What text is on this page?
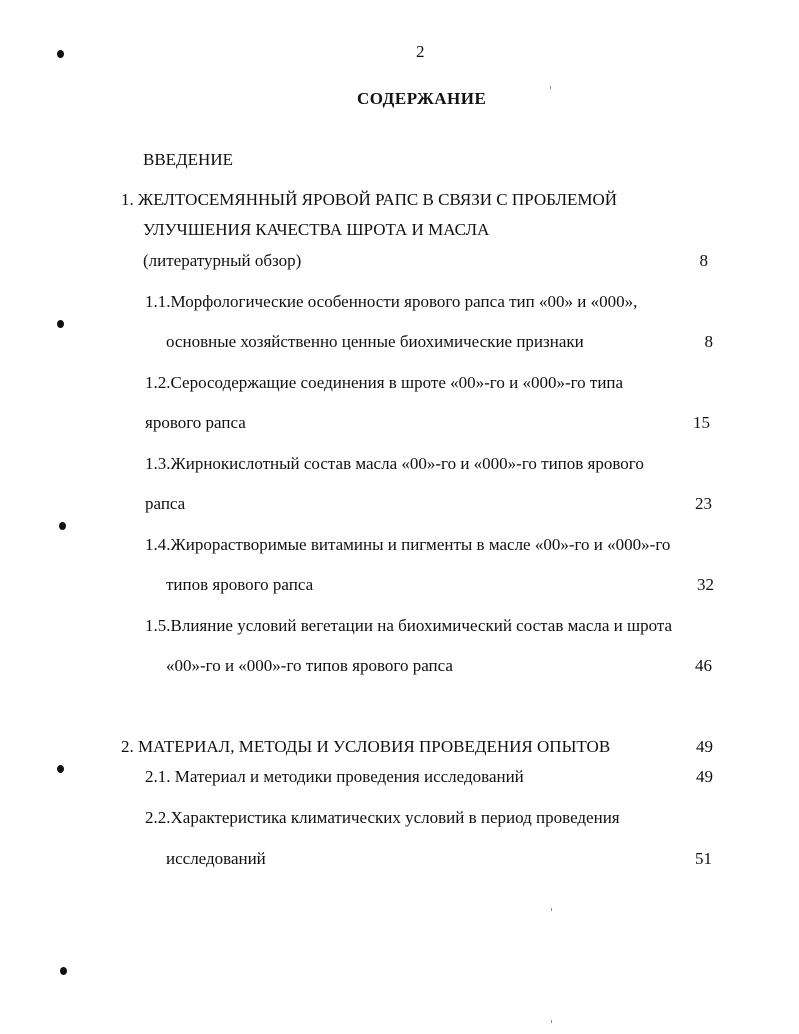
2
СОДЕРЖАНИЕ
ВВЕДЕНИЕ
1. ЖЕЛТОСЕМЯННЫЙ ЯРОВОЙ РАПС В СВЯЗИ С ПРОБЛЕМОЙ
УЛУЧШЕНИЯ КАЧЕСТВА ШРОТА И МАСЛА
(литературный обзор)	8
1.1.Морфологические особенности ярового рапса тип «00» и «000»,
основные хозяйственно ценные биохимические признаки	8
1.2.Серосодержащие соединения в шроте «00»-го и «000»-го типа
ярового рапса	15
1.3.Жирнокислотный состав масла «00»-го и «000»-го типов ярового
рапса	23
1.4.Жирорастворимые витамины и пигменты в масле «00»-го и «000»-го
типов ярового рапса	32
1.5.Влияние условий вегетации на биохимический состав масла и шрота
«00»-го и «000»-го типов ярового рапса	46
2. МАТЕРИАЛ, МЕТОДЫ И УСЛОВИЯ ПРОВЕДЕНИЯ ОПЫТОВ	49
2.1. Материал и методики проведения исследований	49
2.2.Характеристика климатических условий в период проведения
исследований	51
